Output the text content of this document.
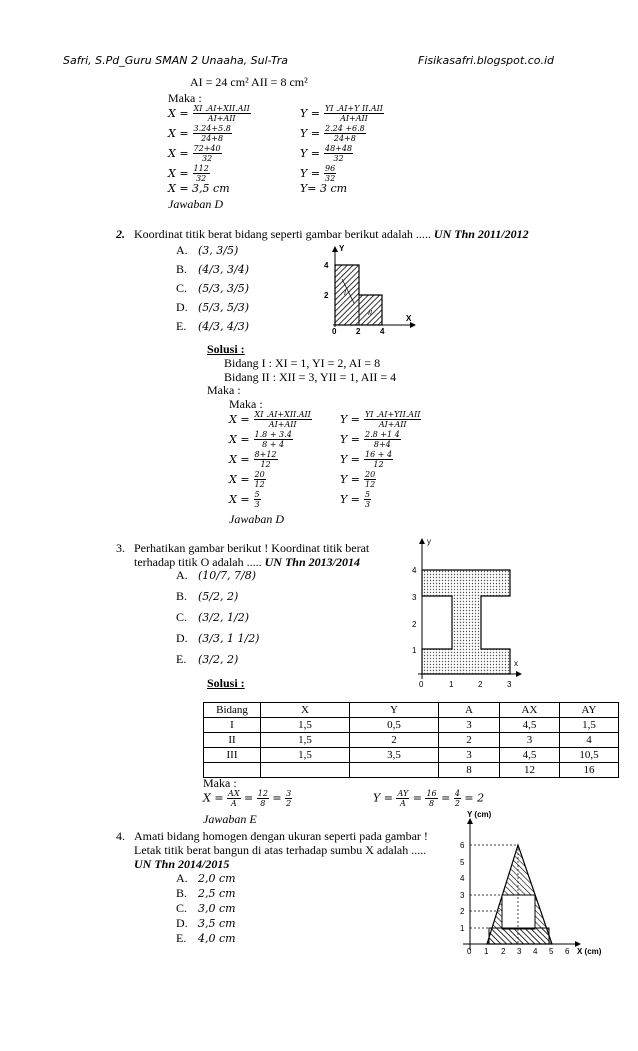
Safri, S.Pd_Guru SMAN 2 Unaaha, Sul-Tra	Fisikasafri.blogspot.co.id
AI = 24 cm² AII = 8 cm²
Maka :
$X = \frac{\text{XI .AI+XII.AII}}{\text{AI+AII}}$
$X = \frac{3.24+5.8}{24+8}$
$X = \frac{72+40}{32}$
$X = \frac{112}{32}$
$Y = \frac{\text{YI .AI+Y II.AII}}{\text{AI+AII}}$
$Y = \frac{2.24 +6.8}{24+8}$
$Y = \frac{48+48}{32}$
$Y = \frac{96}{32}$
X = 3,5 cm	Y= 3 cm
Jawaban D
2. Koordinat titik berat bidang seperti gambar berikut adalah ..... UN Thn 2011/2012
A. (3, 3/5)
B. (4/3, 3/4)
C. (5/3, 3/5)
D. (5/3, 5/3)
E. (4/3, 4/3)
4
2
0 2 4
Y
X
I
II
Solusi :
Bidang I : XI = 1, YI = 2, AI = 8
Bidang II : XII = 3, YII = 1, AII = 4
Maka :
Maka :
$X = \frac{\text{XI .AI+XII.AII}}{\text{AI+AII}}$
$X = \frac{1.8 + 3.4}{8 + 4}$
$X = \frac{8+12}{12}$
$X = \frac{20}{12}$
$X = \frac{5}{3}$
$Y = \frac{\text{YI .AI+YII.AII}}{\text{AI+AII}}$
$Y = \frac{2.8 +1 4}{8+4}$
$Y = \frac{16 + 4}{12}$
$Y = \frac{20}{12}$
$Y = \frac{5}{3}$
Jawaban D
3. Perhatikan gambar berikut ! Koordinat titik berat
terhadap titik O adalah ..... UN Thn 2013/2014
A. (10/7, 7/8)
B. (5/2, 2)
C. (3/2, 1/2)
D. (3/3, 1 1/2)
E. (3/2, 2)
y
x
4
3
2
1
0	1	2	3
Solusi :
Bidang	X	Y	A	AX	AY
I	1,5	0,5	3	4,5	1,5
II	1,5	2	2	3	4
III	1,5	3,5	3	4,5	10,5
			8	12	16
Maka :
$X = \frac{AX}{A} = \frac{12}{8} = \frac{3}{2}$	$Y = \frac{AY}{A} = \frac{16}{8} = \frac{4}{2} = 2$
Jawaban E
4. Amati bidang homogen dengan ukuran seperti pada gambar !
Letak titik berat bangun di atas terhadap sumbu X adalah .....
UN Thn 2014/2015
A. 2,0 cm
B. 2,5 cm
C. 3,0 cm
D. 3,5 cm
E. 4,0 cm
Y (cm)
X (cm)
6
5
4
3
2
1
0 1 2 3 4 5 6
